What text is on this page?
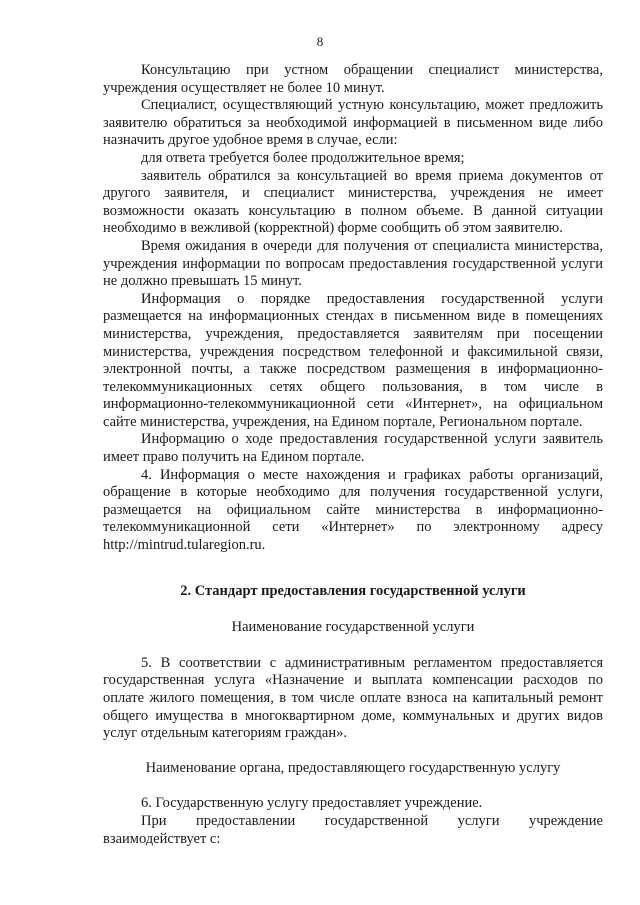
8

Консультацию при устном обращении специалист министерства, учреждения осуществляет не более 10 минут.

Специалист, осуществляющий устную консультацию, может предложить заявителю обратиться за необходимой информацией в письменном виде либо назначить другое удобное время в случае, если:

для ответа требуется более продолжительное время;

заявитель обратился за консультацией во время приема документов от другого заявителя, и специалист министерства, учреждения не имеет возможности оказать консультацию в полном объеме. В данной ситуации необходимо в вежливой (корректной) форме сообщить об этом заявителю.

Время ожидания в очереди для получения от специалиста министерства, учреждения информации по вопросам предоставления государственной услуги не должно превышать 15 минут.

Информация о порядке предоставления государственной услуги размещается на информационных стендах в письменном виде в помещениях министерства, учреждения, предоставляется заявителям при посещении министерства, учреждения посредством телефонной и факсимильной связи, электронной почты, а также посредством размещения в информационно-телекоммуникационных сетях общего пользования, в том числе в информационно-телекоммуникационной сети «Интернет», на официальном сайте министерства, учреждения, на Едином портале, Региональном портале.

Информацию о ходе предоставления государственной услуги заявитель имеет право получить на Едином портале.

4. Информация о месте нахождения и графиках работы организаций, обращение в которые необходимо для получения государственной услуги, размещается на официальном сайте министерства в информационно-телекоммуникационной сети «Интернет» по электронному адресу http://mintrud.tularegion.ru.

2. Стандарт предоставления государственной услуги

Наименование государственной услуги

5. В соответствии с административным регламентом предоставляется государственная услуга «Назначение и выплата компенсации расходов по оплате жилого помещения, в том числе оплате взноса на капитальный ремонт общего имущества в многоквартирном доме, коммунальных и других видов услуг отдельным категориям граждан».

Наименование органа, предоставляющего государственную услугу

6. Государственную услугу предоставляет учреждение.

При предоставлении государственной услуги учреждение взаимодействует с:
